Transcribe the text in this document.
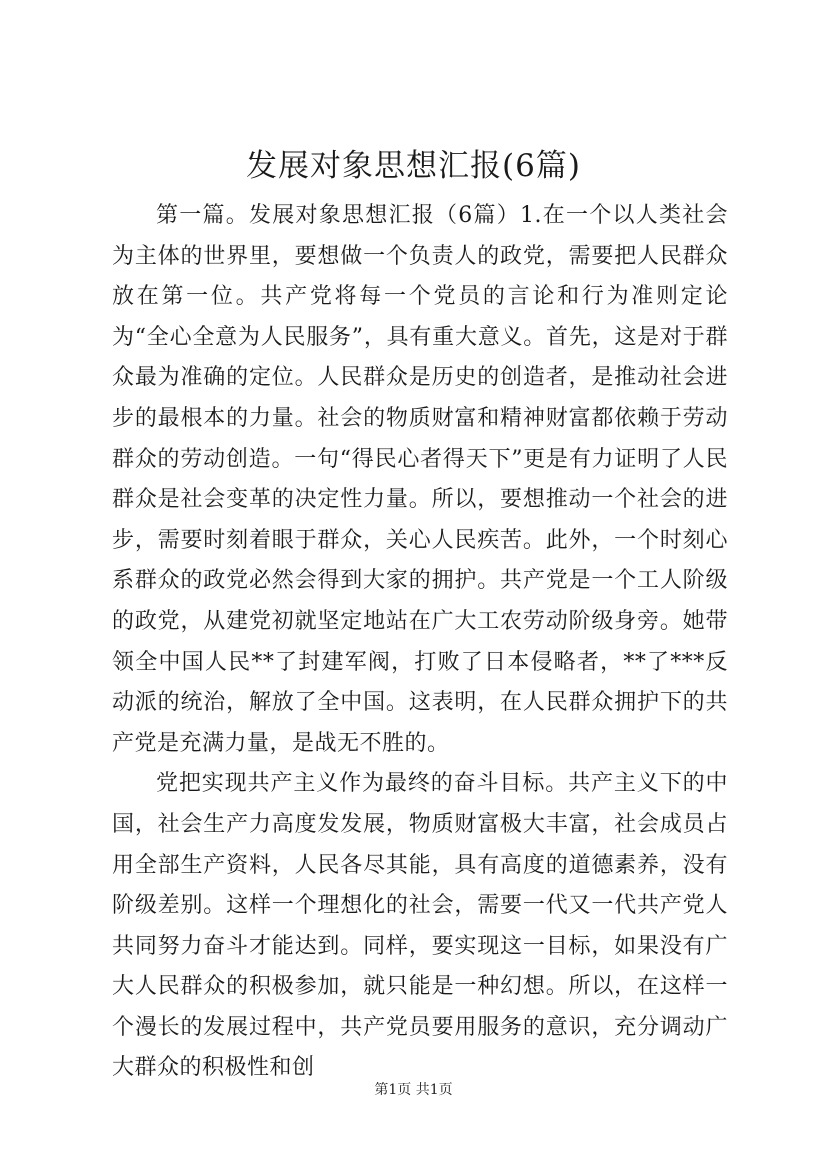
发展对象思想汇报(6篇)

第一篇。发展对象思想汇报（6篇）1.在一个以人类社会为主体的世界里，要想做一个负责人的政党，需要把人民群众放在第一位。共产党将每一个党员的言论和行为准则定论为“全心全意为人民服务”，具有重大意义。首先，这是对于群众最为准确的定位。人民群众是历史的创造者，是推动社会进步的最根本的力量。社会的物质财富和精神财富都依赖于劳动群众的劳动创造。一句“得民心者得天下”更是有力证明了人民群众是社会变革的决定性力量。所以，要想推动一个社会的进步，需要时刻着眼于群众，关心人民疾苦。此外，一个时刻心系群众的政党必然会得到大家的拥护。共产党是一个工人阶级的政党，从建党初就坚定地站在广大工农劳动阶级身旁。她带领全中国人民**了封建军阀，打败了日本侵略者，**了***反动派的统治，解放了全中国。这表明，在人民群众拥护下的共产党是充满力量，是战无不胜的。

党把实现共产主义作为最终的奋斗目标。共产主义下的中国，社会生产力高度发发展，物质财富极大丰富，社会成员占用全部生产资料，人民各尽其能，具有高度的道德素养，没有阶级差别。这样一个理想化的社会，需要一代又一代共产党人共同努力奋斗才能达到。同样，要实现这一目标，如果没有广大人民群众的积极参加，就只能是一种幻想。所以，在这样一个漫长的发展过程中，共产党员要用服务的意识，充分调动广大群众的积极性和创

第1页 共1页
